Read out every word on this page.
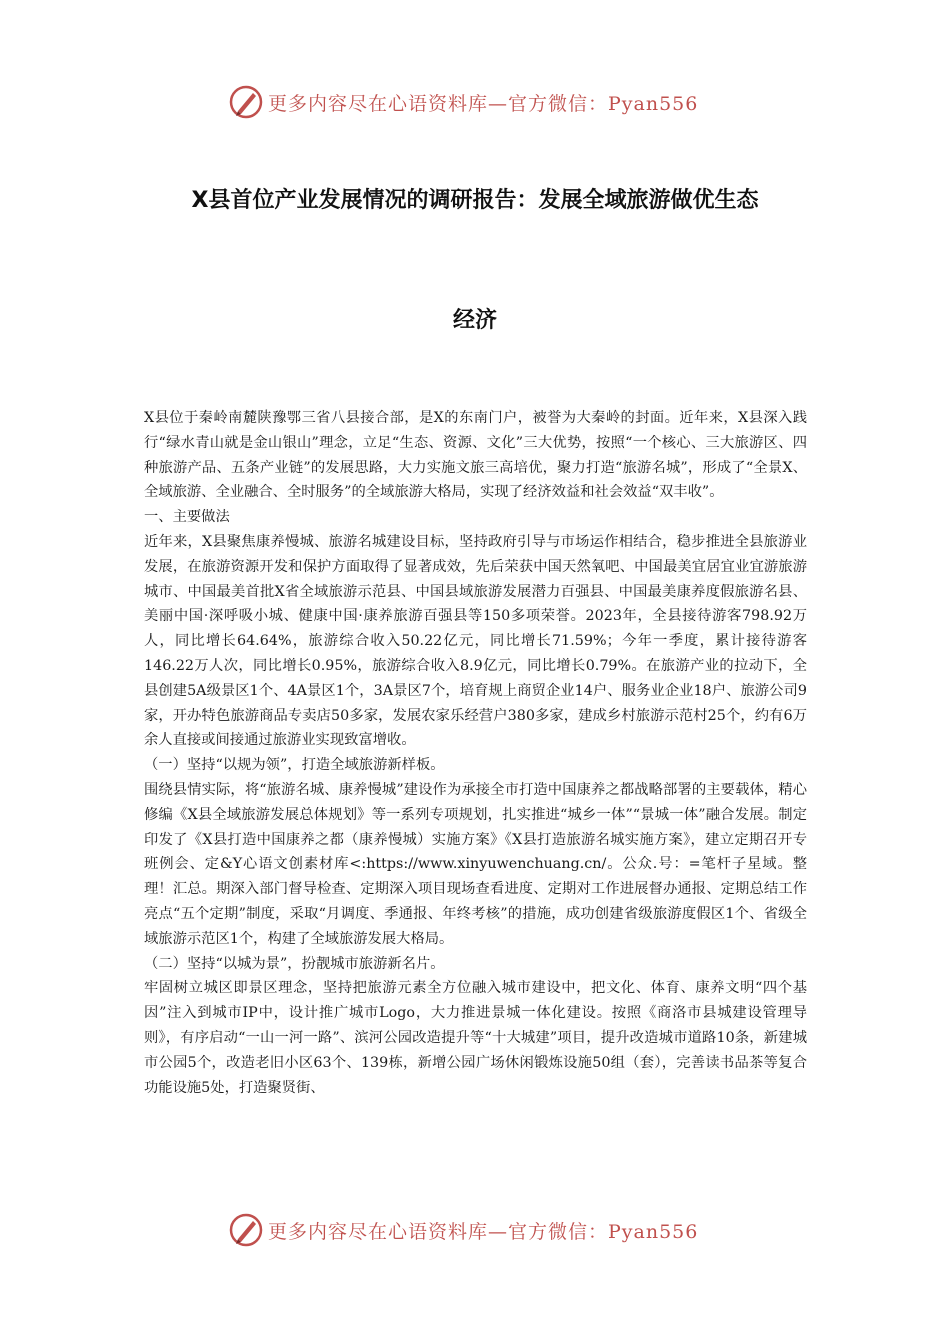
更多内容尽在心语资料库—官方微信：Pyan556
X县首位产业发展情况的调研报告：发展全域旅游做优生态
经济

X县位于秦岭南麓陕豫鄂三省八县接合部，是X的东南门户，被誉为大秦岭的封面。近年来，X县深入践行“绿水青山就是金山银山”理念，立足“生态、资源、文化”三大优势，按照“一个核心、三大旅游区、四种旅游产品、五条产业链”的发展思路，大力实施文旅三高培优，聚力打造“旅游名城”，形成了“全景X、全域旅游、全业融合、全时服务”的全域旅游大格局，实现了经济效益和社会效益“双丰收”。

一、主要做法

近年来，X县聚焦康养慢城、旅游名城建设目标，坚持政府引导与市场运作相结合，稳步推进全县旅游业发展，在旅游资源开发和保护方面取得了显著成效，先后荣获中国天然氧吧、中国最美宜居宜业宜游旅游城市、中国最美首批X省全域旅游示范县、中国县域旅游发展潜力百强县、中国最美康养度假旅游名县、美丽中国·深呼吸小城、健康中国·康养旅游百强县等150多项荣誉。2023年，全县接待游客798.92万人，同比增长64.64%，旅游综合收入50.22亿元，同比增长71.59%；今年一季度，累计接待游客146.22万人次，同比增长0.95%，旅游综合收入8.9亿元，同比增长0.79%。在旅游产业的拉动下，全县创建5A级景区1个、4A景区1个，3A景区7个，培育规上商贸企业14户、服务业企业18户、旅游公司9家，开办特色旅游商品专卖店50多家，发展农家乐经营户380多家，建成乡村旅游示范村25个，约有6万余人直接或间接通过旅游业实现致富增收。

（一）坚持“以规为领”，打造全域旅游新样板。

围绕县情实际，将“旅游名城、康养慢城”建设作为承接全市打造中国康养之都战略部署的主要载体，精心修编《X县全域旅游发展总体规划》等一系列专项规划，扎实推进“城乡一体”“景城一体”融合发展。制定印发了《X县打造中国康养之都（康养慢城）实施方案》《X县打造旅游名城实施方案》，建立定期召开专班例会、定&Y心语文创素材库<:https://www.xinyuwenchuang.cn/。公众.号：=笔杆子星域。整理！汇总。期深入部门督导检查、定期深入项目现场查看进度、定期对工作进展督办通报、定期总结工作亮点“五个定期”制度，采取“月调度、季通报、年终考核”的措施，成功创建省级旅游度假区1个、省级全域旅游示范区1个，构建了全域旅游发展大格局。

（二）坚持“以城为景”，扮靓城市旅游新名片。

牢固树立城区即景区理念，坚持把旅游元素全方位融入城市建设中，把文化、体育、康养文明“四个基因”注入到城市IP中，设计推广城市Logo，大力推进景城一体化建设。按照《商洛市县城建设管理导则》，有序启动“一山一河一路”、滨河公园改造提升等“十大城建”项目，提升改造城市道路10条，新建城市公园5个，改造老旧小区63个、139栋，新增公园广场休闲锻炼设施50组（套），完善读书品茶等复合功能设施5处，打造聚贤街、

更多内容尽在心语资料库—官方微信：Pyan556
